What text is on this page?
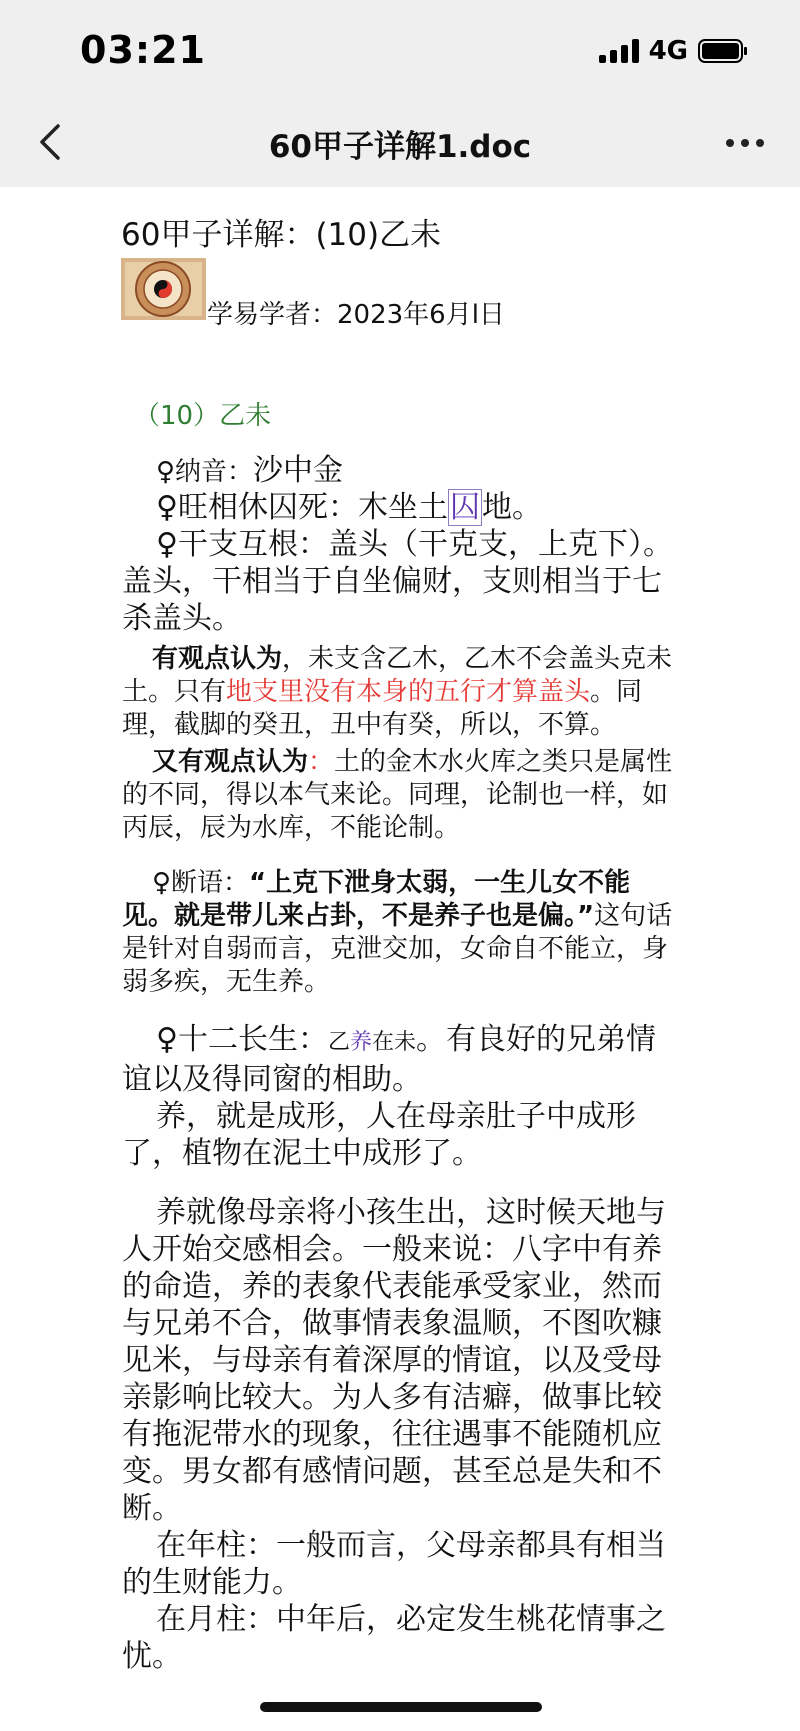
03:21	4G
60甲子详解1.doc
60甲子详解：(10)乙未
学易学者：2023年6月l日
（10）乙未

♀纳音：沙中金

♀旺相休囚死：木坐土囚地。

♀干支互根：盖头（干克支，上克下）。盖头，干相当于自坐偏财，支则相当于七杀盖头。

有观点认为，未支含乙木，乙木不会盖头克未土。只有地支里没有本身的五行才算盖头。同理，截脚的癸丑，丑中有癸，所以，不算。

又有观点认为：土的金木水火库之类只是属性的不同，得以本气来论。同理，论制也一样，如丙辰，辰为水库，不能论制。

♀断语：“上克下泄身太弱，一生儿女不能见。就是带儿来占卦，不是养子也是偏。”这句话是针对自弱而言，克泄交加，女命自不能立，身弱多疾，无生养。

♀十二长生：乙养在未。有良好的兄弟情谊以及得同窗的相助。

养，就是成形，人在母亲肚子中成形了，植物在泥土中成形了。

养就像母亲将小孩生出，这时候天地与人开始交感相会。一般来说：八字中有养的命造，养的表象代表能承受家业，然而与兄弟不合，做事情表象温顺，不图吹糠见米，与母亲有着深厚的情谊，以及受母亲影响比较大。为人多有洁癖，做事比较有拖泥带水的现象，往往遇事不能随机应变。男女都有感情问题，甚至总是失和不断。

在年柱：一般而言，父母亲都具有相当的生财能力。

在月柱：中年后，必定发生桃花情事之忧。
